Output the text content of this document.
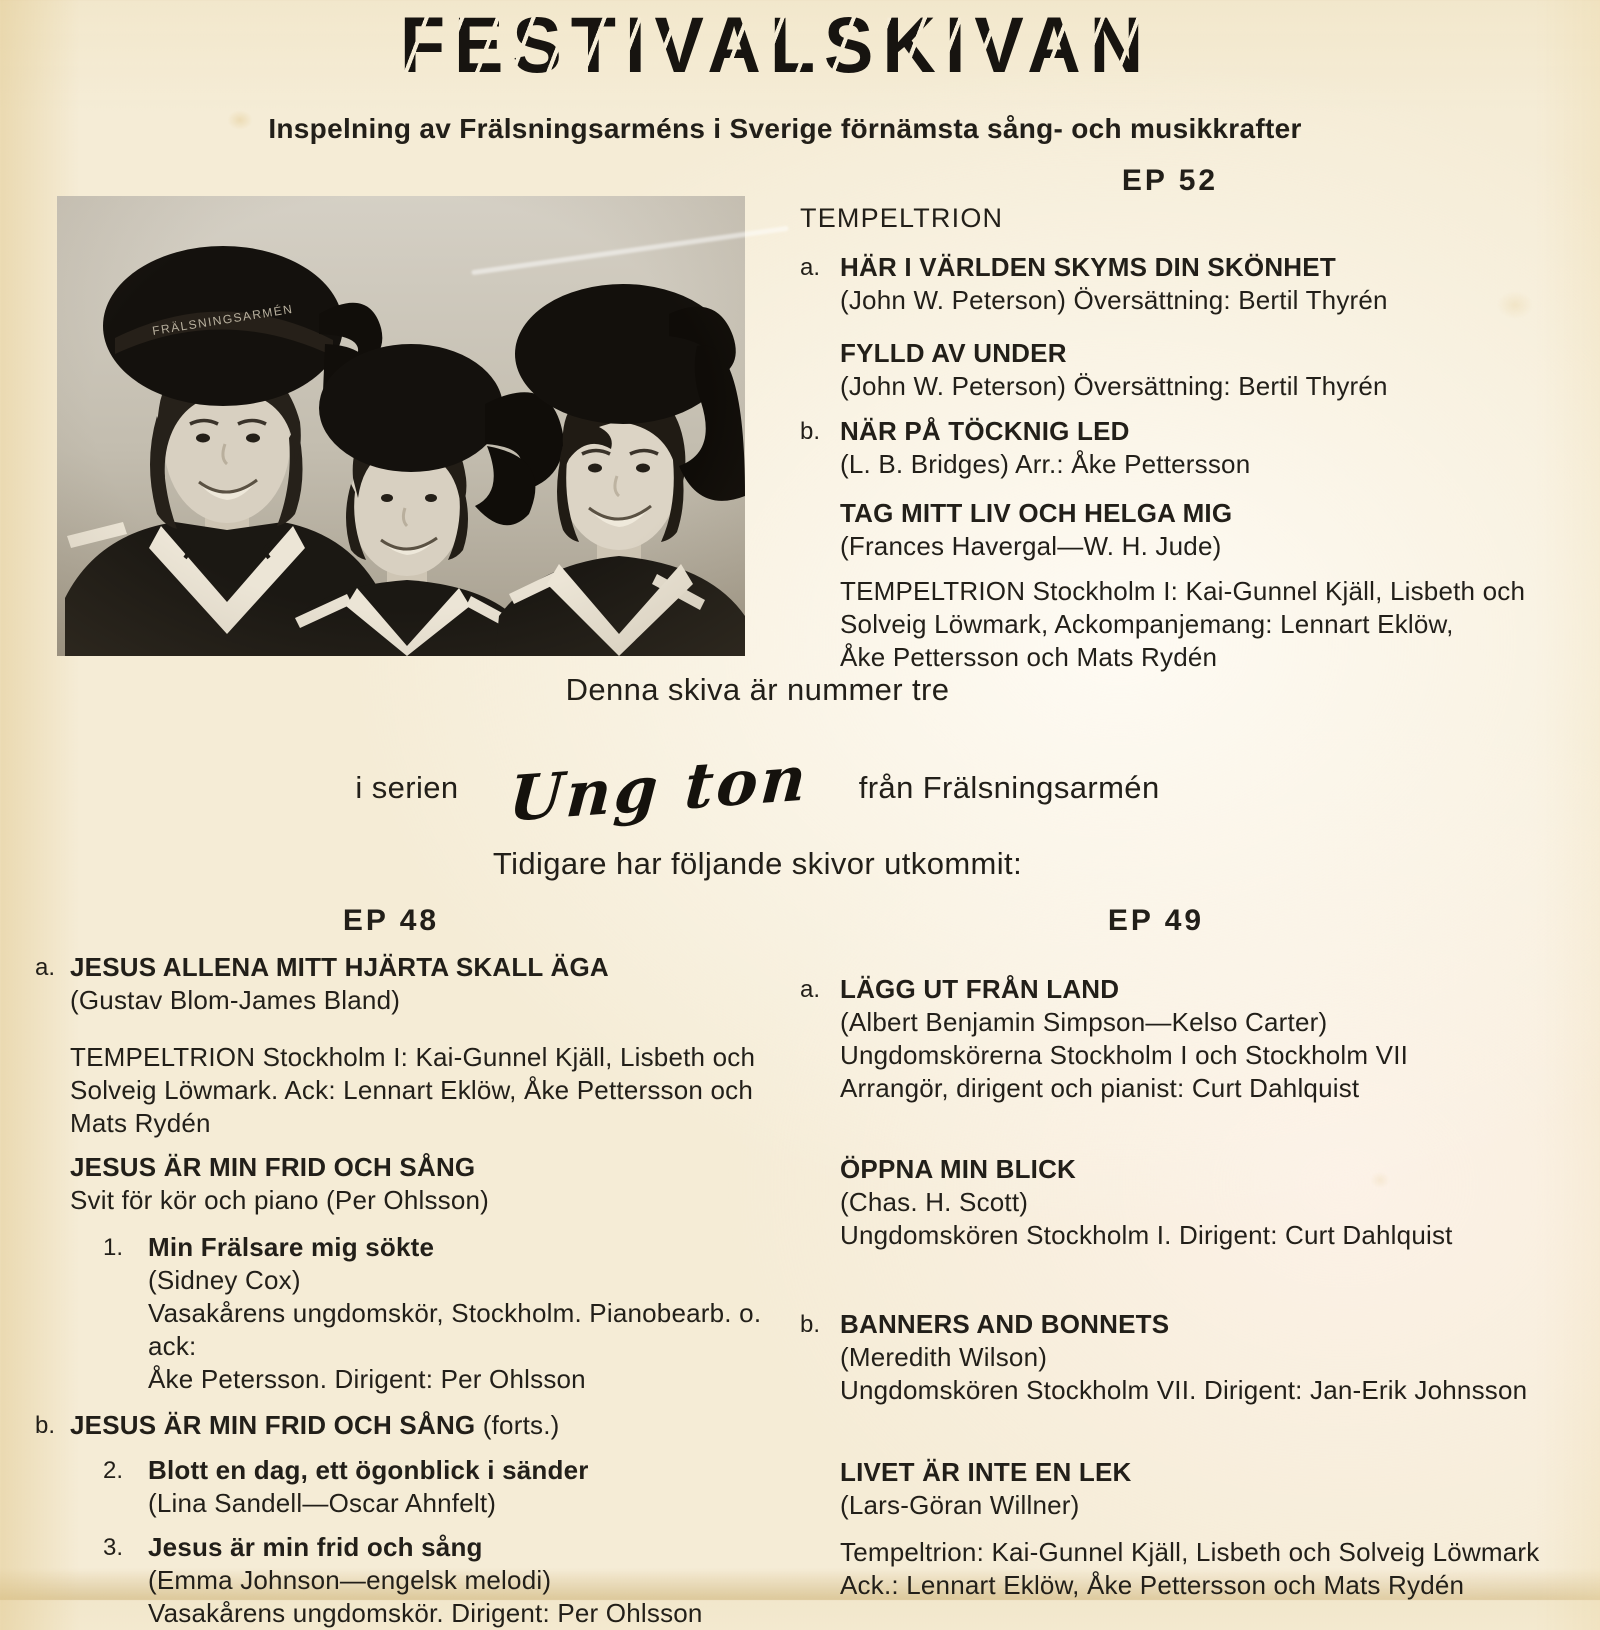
FESTIVALSKIVAN
Inspelning av Frälsningsarméns i Sverige förnämsta sång- och musikkrafter
EP 52
TEMPELTRION
a. HÄR I VÄRLDEN SKYMS DIN SKÖNHET
(John W. Peterson) Översättning: Bertil Thyrén
FYLLD AV UNDER
(John W. Peterson) Översättning: Bertil Thyrén
b. NÄR PÅ TÖCKNIG LED
(L. B. Bridges) Arr.: Åke Pettersson
TAG MITT LIV OCH HELGA MIG
(Frances Havergal—W. H. Jude)
TEMPELTRION Stockholm I: Kai-Gunnel Kjäll, Lisbeth och
Solveig Löwmark, Ackompanjemang: Lennart Eklöw,
Åke Pettersson och Mats Rydén
Denna skiva är nummer tre
i serien Ung ton från Frälsningsarmén
Tidigare har följande skivor utkommit:
EP 48
a. JESUS ALLENA MITT HJÄRTA SKALL ÄGA
(Gustav Blom-James Bland)
TEMPELTRION Stockholm I: Kai-Gunnel Kjäll, Lisbeth och
Solveig Löwmark. Ack: Lennart Eklöw, Åke Pettersson och
Mats Rydén
JESUS ÄR MIN FRID OCH SÅNG
Svit för kör och piano (Per Ohlsson)
1. Min Frälsare mig sökte
(Sidney Cox)
Vasakårens ungdomskör, Stockholm. Pianobearb. o. ack:
Åke Petersson. Dirigent: Per Ohlsson
b. JESUS ÄR MIN FRID OCH SÅNG (forts.)
2. Blott en dag, ett ögonblick i sänder
(Lina Sandell—Oscar Ahnfelt)
3. Jesus är min frid och sång
(Emma Johnson—engelsk melodi)
Vasakårens ungdomskör. Dirigent: Per Ohlsson
EP 49
a. LÄGG UT FRÅN LAND
(Albert Benjamin Simpson—Kelso Carter)
Ungdomskörerna Stockholm I och Stockholm VII
Arrangör, dirigent och pianist: Curt Dahlquist
ÖPPNA MIN BLICK
(Chas. H. Scott)
Ungdomskören Stockholm I. Dirigent: Curt Dahlquist
b. BANNERS AND BONNETS
(Meredith Wilson)
Ungdomskören Stockholm VII. Dirigent: Jan-Erik Johnsson
LIVET ÄR INTE EN LEK
(Lars-Göran Willner)
Tempeltrion: Kai-Gunnel Kjäll, Lisbeth och Solveig Löwmark
Ack.: Lennart Eklöw, Åke Pettersson och Mats Rydén
